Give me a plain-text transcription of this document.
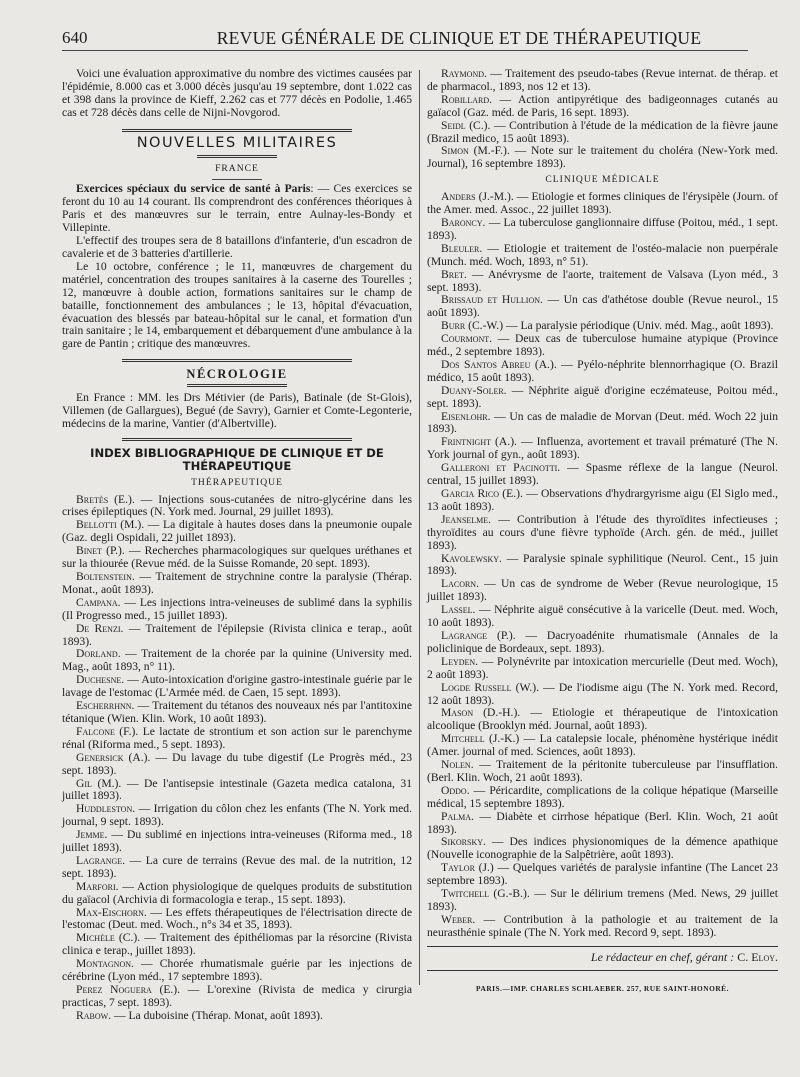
640	REVUE GÉNÉRALE DE CLINIQUE ET DE THÉRAPEUTIQUE

Voici une évaluation approximative du nombre des victimes causées par l'épidémie, 8.000 cas et 3.000 décès jusqu'au 19 septembre, dont 1.022 cas et 398 dans la province de Kieff, 2.262 cas et 777 décès en Podolie, 1.465 cas et 728 décès dans celle de Nijni-Novgorod.

NOUVELLES MILITAIRES
FRANCE

Exercices spéciaux du service de santé à Paris: — Ces exercices se feront du 10 au 14 courant. Ils comprendront des conférences théoriques à Paris et des manœuvres sur le terrain, entre Aulnay-les-Bondy et Villepinte.

L'effectif des troupes sera de 8 bataillons d'infanterie, d'un escadron de cavalerie et de 3 batteries d'artillerie.

Le 10 octobre, conférence ; le 11, manœuvres de chargement du matériel, concentration des troupes sanitaires à la caserne des Tourelles ; 12, manœuvre à double action, formations sanitaires sur le champ de bataille, fonctionnement des ambulances ; le 13, hôpital d'évacuation, évacuation des blessés par bateau-hôpital sur le canal, et formation d'un train sanitaire ; le 14, embarquement et débarquement d'une ambulance à la gare de Pantin ; critique des manœuvres.

NÉCROLOGIE

En France : MM. les Drs Métivier (de Paris), Batinale (de St-Glois), Villemen (de Gallargues), Begué (de Savry), Garnier et Comte-Legonterie, médecins de la marine, Vantier (d'Albertville).

INDEX BIBLIOGRAPHIQUE DE CLINIQUE ET DE THÉRAPEUTIQUE
THÉRAPEUTIQUE

Bretès (E.). — Injections sous-cutanées de nitro-glycérine dans les crises épileptiques (N. York med. Journal, 29 juillet 1893).

Bellotti (M.). — La digitale à hautes doses dans la pneumonie oupale (Gaz. degli Ospidali, 22 juillet 1893).

Binet (P.). — Recherches pharmacologiques sur quelques uréthanes et sur la thiourée (Revue méd. de la Suisse Romande, 20 sept. 1893).

Boltenstein. — Traitement de strychnine contre la paralysie (Thérap. Monat., août 1893).

Campana. — Les injections intra-veineuses de sublimé dans la syphilis (Il Progresso med., 15 juillet 1893).

De Renzi. — Traitement de l'épilepsie (Rivista clinica e terap., août 1893).

Dorland. — Traitement de la chorée par la quinine (University med. Mag., août 1893, n° 11).

Duchesne. — Auto-intoxication d'origine gastro-intestinale guérie par le lavage de l'estomac (L'Armée méd. de Caen, 15 sept. 1893).

Escherrhnn. — Traitement du tétanos des nouveaux nés par l'antitoxine tétanique (Wien. Klin. Work, 10 août 1893).

Falcone (F.). Le lactate de strontium et son action sur le parenchyme rénal (Riforma med., 5 sept. 1893).

Genersick (A.). — Du lavage du tube digestif (Le Progrès méd., 23 sept. 1893).

Gil (M.). — De l'antisepsie intestinale (Gazeta medica catalona, 31 juillet 1893).

Huddleston. — Irrigation du côlon chez les enfants (The N. York med. journal, 9 sept. 1893).

Jemme. — Du sublimé en injections intra-veineuses (Riforma med., 18 juillet 1893).

Lagrange. — La cure de terrains (Revue des mal. de la nutrition, 12 sept. 1893).

Marfori. — Action physiologique de quelques produits de substitution du gaïacol (Archivia di formacologia e terap., 15 sept. 1893).

Max-Eischorn. — Les effets thérapeutiques de l'électrisation directe de l'estomac (Deut. med. Woch., n°s 34 et 35, 1893).

Michèle (C.). — Traitement des épithéliomas par la résorcine (Rivista clinica e terap., juillet 1893).

Montagnon. — Chorée rhumatismale guérie par les injections de cérébrine (Lyon méd., 17 septembre 1893).

Perez Noguera (E.). — L'orexine (Rivista de medica y cirurgia practicas, 7 sept. 1893).

Rabow. — La duboisine (Thérap. Monat, août 1893).

Raymond. — Traitement des pseudo-tabes (Revue internat. de thérap. et de pharmacol., 1893, nos 12 et 13).

Robillard. — Action antipyrétique des badigeonnages cutanés au gaïacol (Gaz. méd. de Paris, 16 sept. 1893).

Seidl (C.). — Contribution à l'étude de la médication de la fièvre jaune (Brazil medico, 15 août 1893).

Simon (M.-F.). — Note sur le traitement du choléra (New-York med. Journal), 16 septembre 1893).

CLINIQUE MÉDICALE

Anders (J.-M.). — Etiologie et formes cliniques de l'érysipèle (Journ. of the Amer. med. Assoc., 22 juillet 1893).

Baroncy. — La tuberculose ganglionnaire diffuse (Poitou, méd., 1 sept. 1893).

Bleuler. — Etiologie et traitement de l'ostéo-malacie non puerpérale (Munch. méd. Woch, 1893, n° 51).

Bret. — Anévrysme de l'aorte, traitement de Valsava (Lyon méd., 3 sept. 1893).

Brissaud et Hullion. — Un cas d'athétose double (Revue neurol., 15 août 1893).

Burr (C.-W.) — La paralysie périodique (Univ. méd. Mag., août 1893).

Courmont. — Deux cas de tuberculose humaine atypique (Province méd., 2 septembre 1893).

Dos Santos Abreu (A.). — Pyélo-néphrite blennorrhagique (O. Brazil médico, 15 août 1893).

Duany-Soler. — Néphrite aiguë d'origine eczémateuse, Poitou méd., sept. 1893).

Eisenlohr. — Un cas de maladie de Morvan (Deut. méd. Woch 22 juin 1893).

Frintnight (A.). — Influenza, avortement et travail prématuré (The N. York journal of gyn., août 1893).

Galleroni et Pacinotti. — Spasme réflexe de la langue (Neurol. central, 15 juillet 1893).

Garcia Rico (E.). — Observations d'hydrargyrisme aigu (El Siglo med., 13 août 1893).

Jeanselme. — Contribution à l'étude des thyroïdites infectieuses ; thyroïdites au cours d'une fièvre typhoïde (Arch. gén. de méd., juillet 1893).

Kavolewsky. — Paralysie spinale syphilitique (Neurol. Cent., 15 juin 1893).

Lacorn. — Un cas de syndrome de Weber (Revue neurologique, 15 juillet 1893).

Lassel. — Néphrite aiguë consécutive à la varicelle (Deut. med. Woch, 10 août 1893).

Lagrange (P.). — Dacryoadénite rhumatismale (Annales de la policlinique de Bordeaux, sept. 1893).

Leyden. — Polynévrite par intoxication mercurielle (Deut med. Woch), 2 août 1893).

Logde Russell (W.). — De l'iodisme aigu (The N. York med. Record, 12 août 1893).

Mason (D.-H.). — Etiologie et thérapeutique de l'intoxication alcoolique (Brooklyn méd. Journal, août 1893).

Mitchell (J.-K.) — La catalepsie locale, phénomène hystérique inédit (Amer. journal of med. Sciences, août 1893).

Nolen. — Traitement de la péritonite tuberculeuse par l'insufflation. (Berl. Klin. Woch, 21 août 1893).

Oddo. — Péricardite, complications de la colique hépatique (Marseille médical, 15 septembre 1893).

Palma. — Diabète et cirrhose hépatique (Berl. Klin. Woch, 21 août 1893).

Sikorsky. — Des indices physionomiques de la démence apathique (Nouvelle iconographie de la Salpêtrière, août 1893).

Taylor (J.) — Quelques variétés de paralysie infantine (The Lancet 23 septembre 1893).

Twitchell (G.-B.). — Sur le délirium tremens (Med. News, 29 juillet 1893).

Weber. — Contribution à la pathologie et au traitement de la neurasthénie spinale (The N. York med. Record 9, sept. 1893).

Le rédacteur en chef, gérant : C. Eloy.
PARIS.—IMP. CHARLES SCHLAEBER. 257, RUE SAINT-HONORÉ.
